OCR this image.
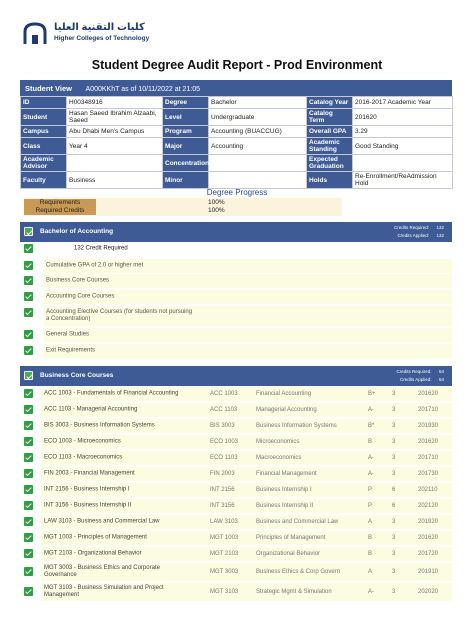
كليات التقنية العليا
Higher Colleges of Technology
Student Degree Audit Report - Prod Environment
Student View A000KKhT as of 10/11/2022 at 21:05
ID	H00348916	Degree	Bachelor	Catalog Year	2016-2017 Academic Year
Student	Hasan Saeed Ibrahim Alzaabi, Saeed	Level	Undergraduate	Catalog Term	201620
Campus	Abu Dhabi Men's Campus	Program	Accounting (BUACCUG)	Overall GPA	3.29
Class	Year 4	Major	Accounting	Academic Standing	Good Standing
Academic Advisor		Concentration		Expected Graduation	
Faculty	Business	Minor		Holds	Re-Enrollment/ReAdmission Hold
Degree Progress
Requirements	100%
Required Credits	100%
Bachelor of Accounting
Credits Required: 132
Credits Applied: 132
132 Credit Required
Cumulative GPA of 2.0 or higher met
Business Core Courses
Accounting Core Courses
Accounting Elective Courses (for students not pursuing a Concentration)
General Studies
Exit Requirements
Business Core Courses
Credits Required: 54
Credits Applied: 54
ACC 1003 - Fundamentals of Financial Accounting	ACC 1003	Financial Accounting	B+	3	201620
ACC 1103 - Managerial Accounting	ACC 1103	Managerial Accounting	A-	3	201710
BIS 3003 - Business Information Systems	BIS 3003	Business Information Systems	B*	3	201930
ECO 1003 - Microeconomics	ECO 1003	Microeconomics	B	3	201620
ECO 1103 - Macroeconomics	ECO 1103	Macroeconomics	A-	3	201710
FIN 2003 - Financial Management	FIN 2003	Financial Management	A-	3	201730
INT 2156 - Business Internship I	INT 2156	Business Internship I	P	6	202110
INT 3156 - Business Internship II	INT 3156	Business Internship II	P	6	202120
LAW 3103 - Business and Commercial Law	LAW 3103	Business and Commercial Law	A	3	201920
MGT 1003 - Principles of Management	MGT 1003	Principles of Management	B	3	201620
MGT 2103 - Organizational Behavior	MGT 2103	Organizational Behavior	B	3	201720
MGT 3003 - Business Ethics and Corporate Governance	MGT 3003	Business Ethics & Corp Govern	A	3	201910
MGT 3103 - Business Simulation and Project Management	MGT 3103	Strategic Mgmt & Simulation	A-	3	202020
